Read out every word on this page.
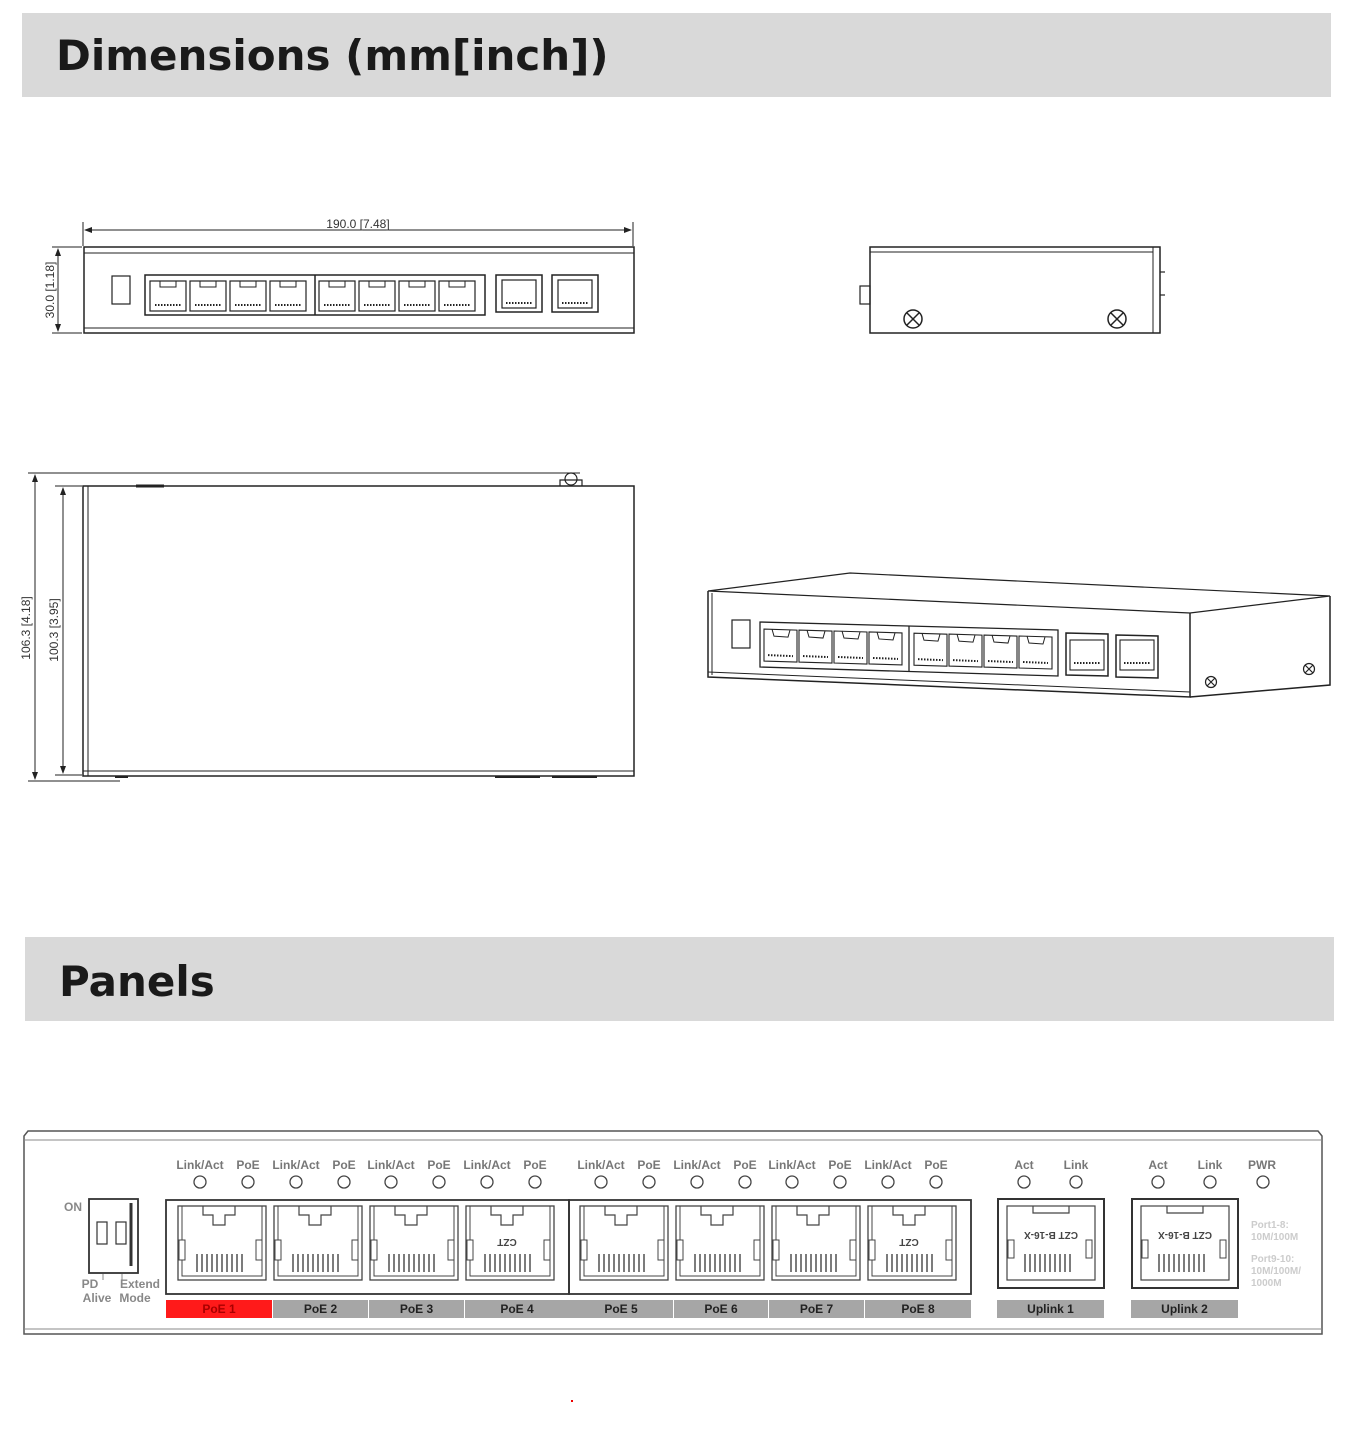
Dimensions (mm[inch])
Panels
190.0 [7.48]
30.0 [1.18]
106.3 [4.18] 100.3 [3.95]
ON
PD Alive
Extend Mode
Link/Act PoE Link/Act PoE Link/Act PoE Link/Act PoE	Link/Act PoE Link/Act PoE Link/Act PoE Link/Act PoE	Act Link	Act Link PWR
CZT	CZT
PoE 1	PoE 2	PoE 3	PoE 4	PoE 5	PoE 6	PoE 7	PoE 8	Uplink 1	Uplink 2
CZT B-16-X	CZT B-16-X
Port1-8: 10M/100M
Port9-10: 10M/100M/ 1000M
